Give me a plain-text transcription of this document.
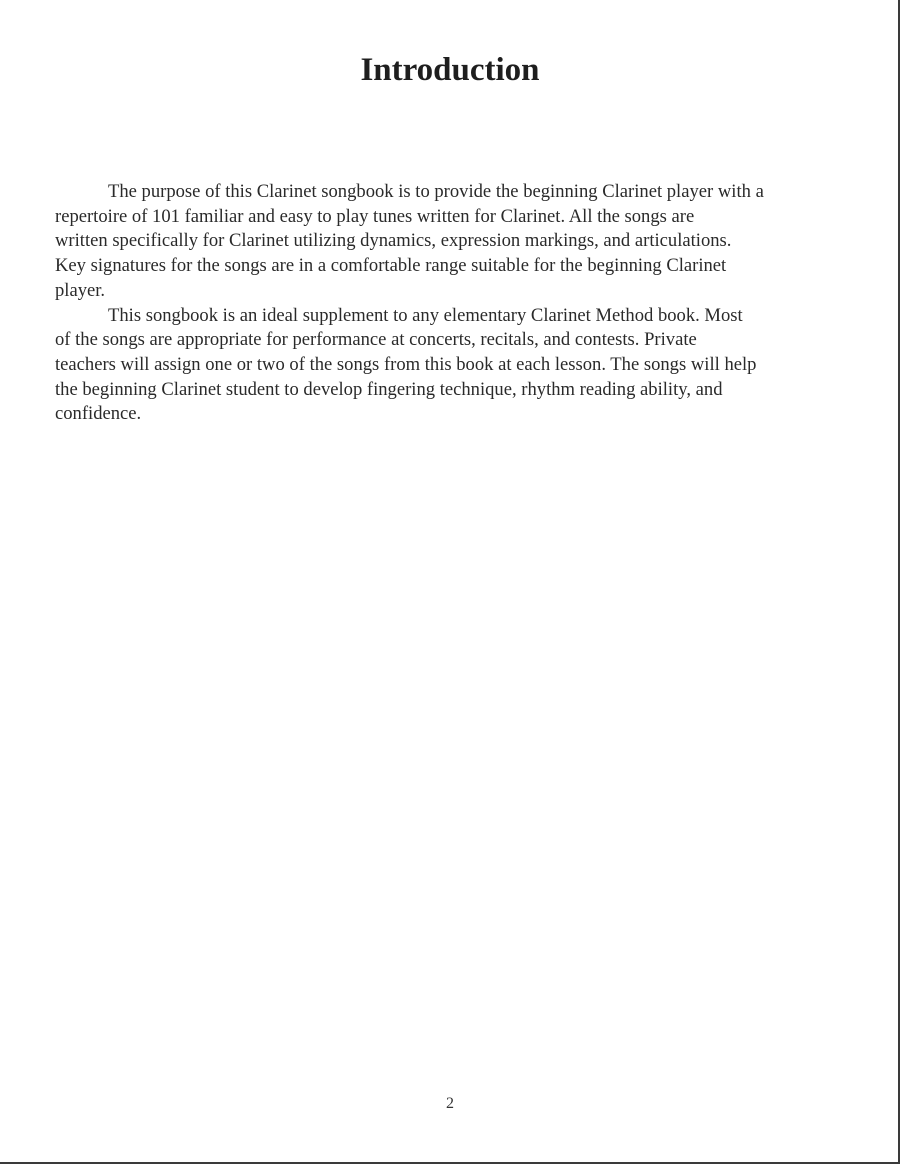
Introduction
The purpose of this Clarinet songbook is to provide the beginning Clarinet player with a
repertoire of 101 familiar and easy to play tunes written for Clarinet. All the songs are
written specifically for Clarinet utilizing dynamics, expression markings, and articulations.
Key signatures for the songs are in a comfortable range suitable for the beginning Clarinet
player.
This songbook is an ideal supplement to any elementary Clarinet Method book. Most
of the songs are appropriate for performance at concerts, recitals, and contests. Private
teachers will assign one or two of the songs from this book at each lesson. The songs will help
the beginning Clarinet student to develop fingering technique, rhythm reading ability, and
confidence.
2
